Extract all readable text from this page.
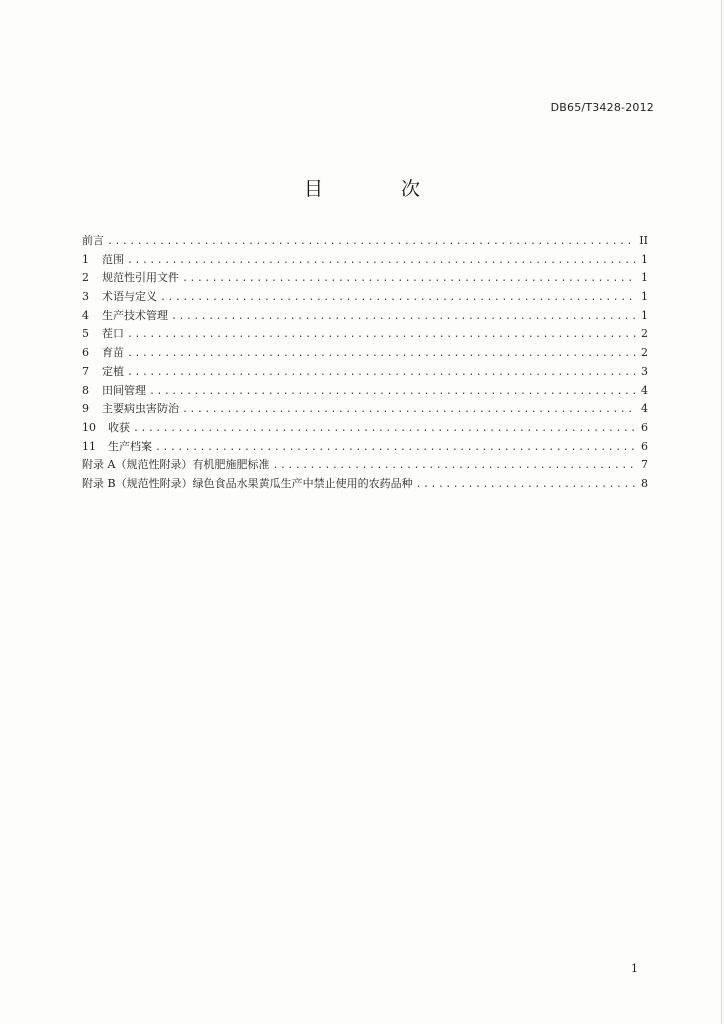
DB65/T3428-2012
目 次
前言 .....	II
1	范围 .....	1
2	规范性引用文件 .....	1
3	术语与定义 .....	1
4	生产技术管理 .....	1
5	茬口 .....	2
6	育苗 .....	2
7	定植 .....	3
8	田间管理 .....	4
9	主要病虫害防治 .....	4
10	收获 .....	6
11	生产档案 .....	6
附录 A（规范性附录）有机肥施肥标准 .....	7
附录 B（规范性附录）绿色食品水果黄瓜生产中禁止使用的农药品种 .....	8
1
